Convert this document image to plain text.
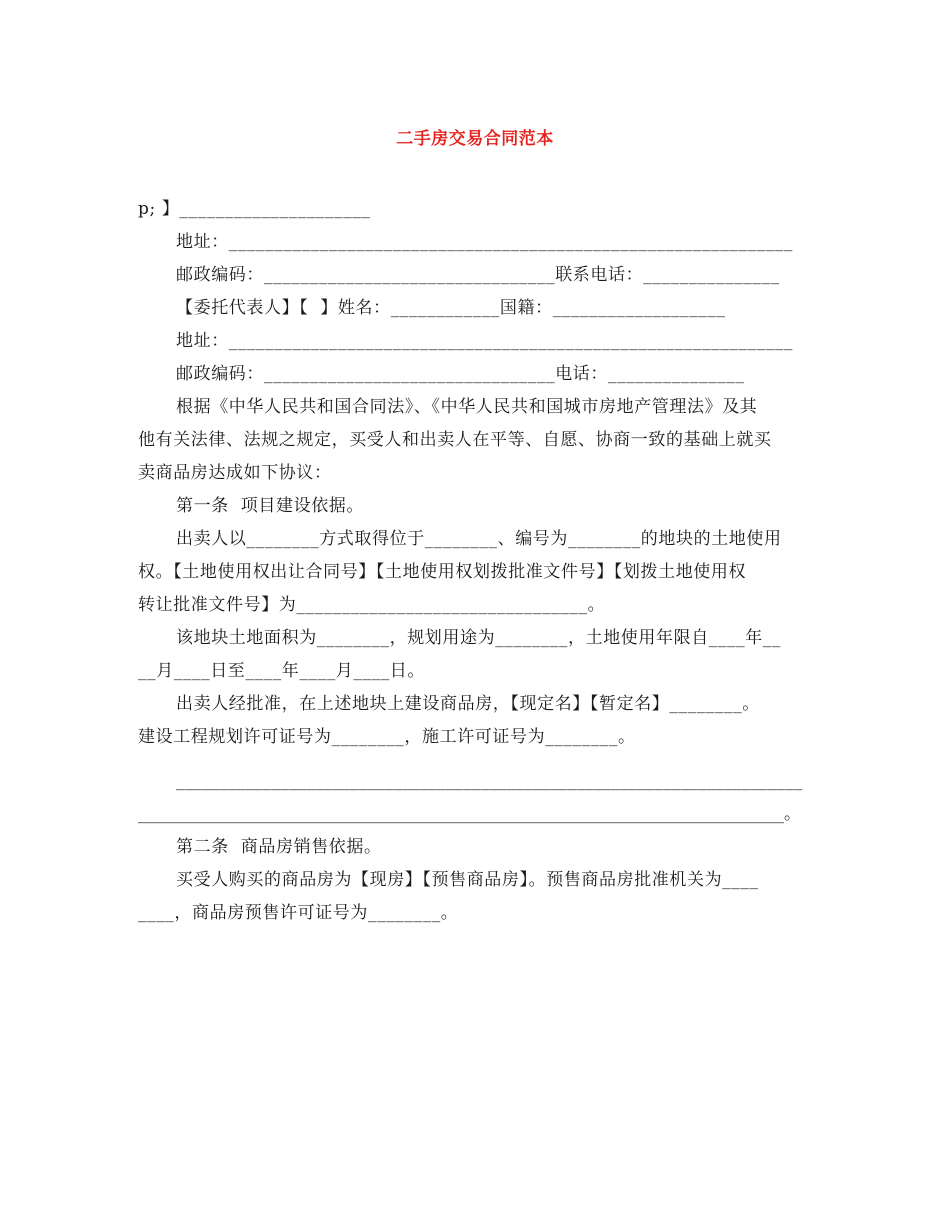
二手房交易合同范本
p; 】_____________________
地址：______________________________________________________________
邮政编码：________________________________联系电话：_______________
【委托代表人】【  】姓名：____________国籍：___________________
地址：______________________________________________________________
邮政编码：________________________________电话：_______________
根据《中华人民共和国合同法》、《中华人民共和国城市房地产管理法》及其
他有关法律、法规之规定，买受人和出卖人在平等、自愿、协商一致的基础上就买
卖商品房达成如下协议：
第一条  项目建设依据。
出卖人以________方式取得位于________、编号为________的地块的土地使用
权。【土地使用权出让合同号】【土地使用权划拨批准文件号】【划拨土地使用权
转让批准文件号】为________________________________。
该地块土地面积为________，规划用途为________，土地使用年限自____年__
__月____日至____年____月____日。
出卖人经批准，在上述地块上建设商品房，【现定名】【暂定名】________。
建设工程规划许可证号为________，施工许可证号为________。
________________________________________________________________________
____________________________________________________________________________。
第二条  商品房销售依据。
买受人购买的商品房为【现房】【预售商品房】。预售商品房批准机关为____
____，商品房预售许可证号为________。
